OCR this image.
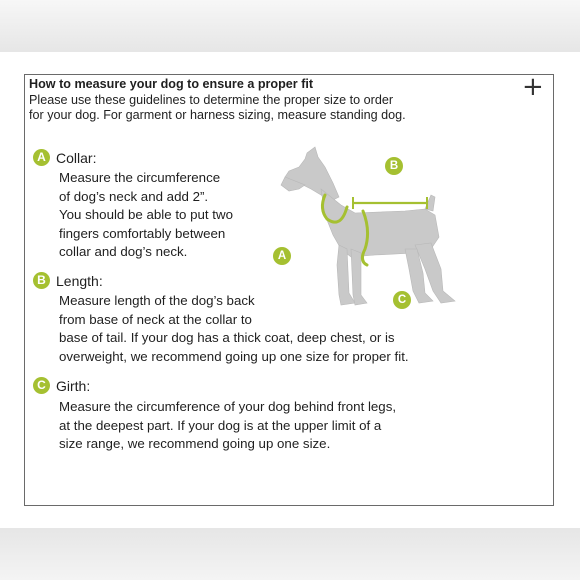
How to measure your dog to ensure a proper fit
Please use these guidelines to determine the proper size to order
for your dog. For garment or harness sizing, measure standing dog.
A Collar:
Measure the circumference
of dog’s neck and add 2”.
You should be able to put two
fingers comfortably between
collar and dog’s neck.
B Length:
Measure length of the dog’s back
from base of neck at the collar to
base of tail. If your dog has a thick coat, deep chest, or is
overweight, we recommend going up one size for proper fit.
C Girth:
Measure the circumference of your dog behind front legs,
at the deepest part. If your dog is at the upper limit of a
size range, we recommend going up one size.
B
A
C
+
